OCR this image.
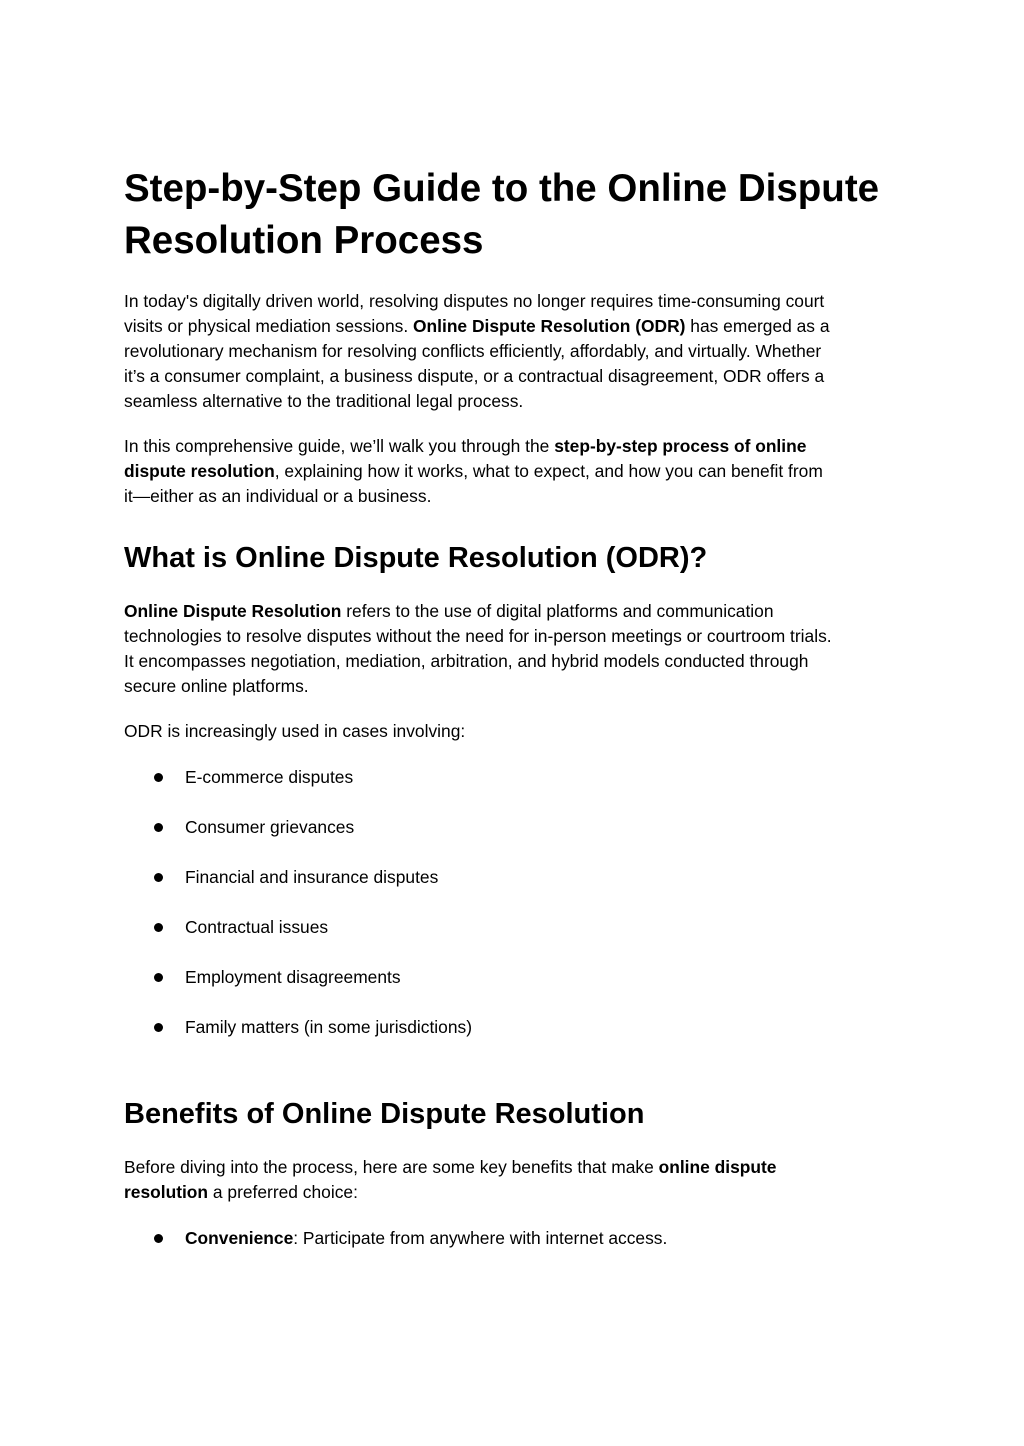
Step-by-Step Guide to the Online Dispute Resolution Process
In today's digitally driven world, resolving disputes no longer requires time-consuming court
visits or physical mediation sessions. Online Dispute Resolution (ODR) has emerged as a
revolutionary mechanism for resolving conflicts efficiently, affordably, and virtually. Whether
it’s a consumer complaint, a business dispute, or a contractual disagreement, ODR offers a
seamless alternative to the traditional legal process.
In this comprehensive guide, we’ll walk you through the step-by-step process of online
dispute resolution, explaining how it works, what to expect, and how you can benefit from
it—either as an individual or a business.
What is Online Dispute Resolution (ODR)?
Online Dispute Resolution refers to the use of digital platforms and communication
technologies to resolve disputes without the need for in-person meetings or courtroom trials.
It encompasses negotiation, mediation, arbitration, and hybrid models conducted through
secure online platforms.
ODR is increasingly used in cases involving:
E-commerce disputes
Consumer grievances
Financial and insurance disputes
Contractual issues
Employment disagreements
Family matters (in some jurisdictions)
Benefits of Online Dispute Resolution
Before diving into the process, here are some key benefits that make online dispute
resolution a preferred choice:
Convenience: Participate from anywhere with internet access.
